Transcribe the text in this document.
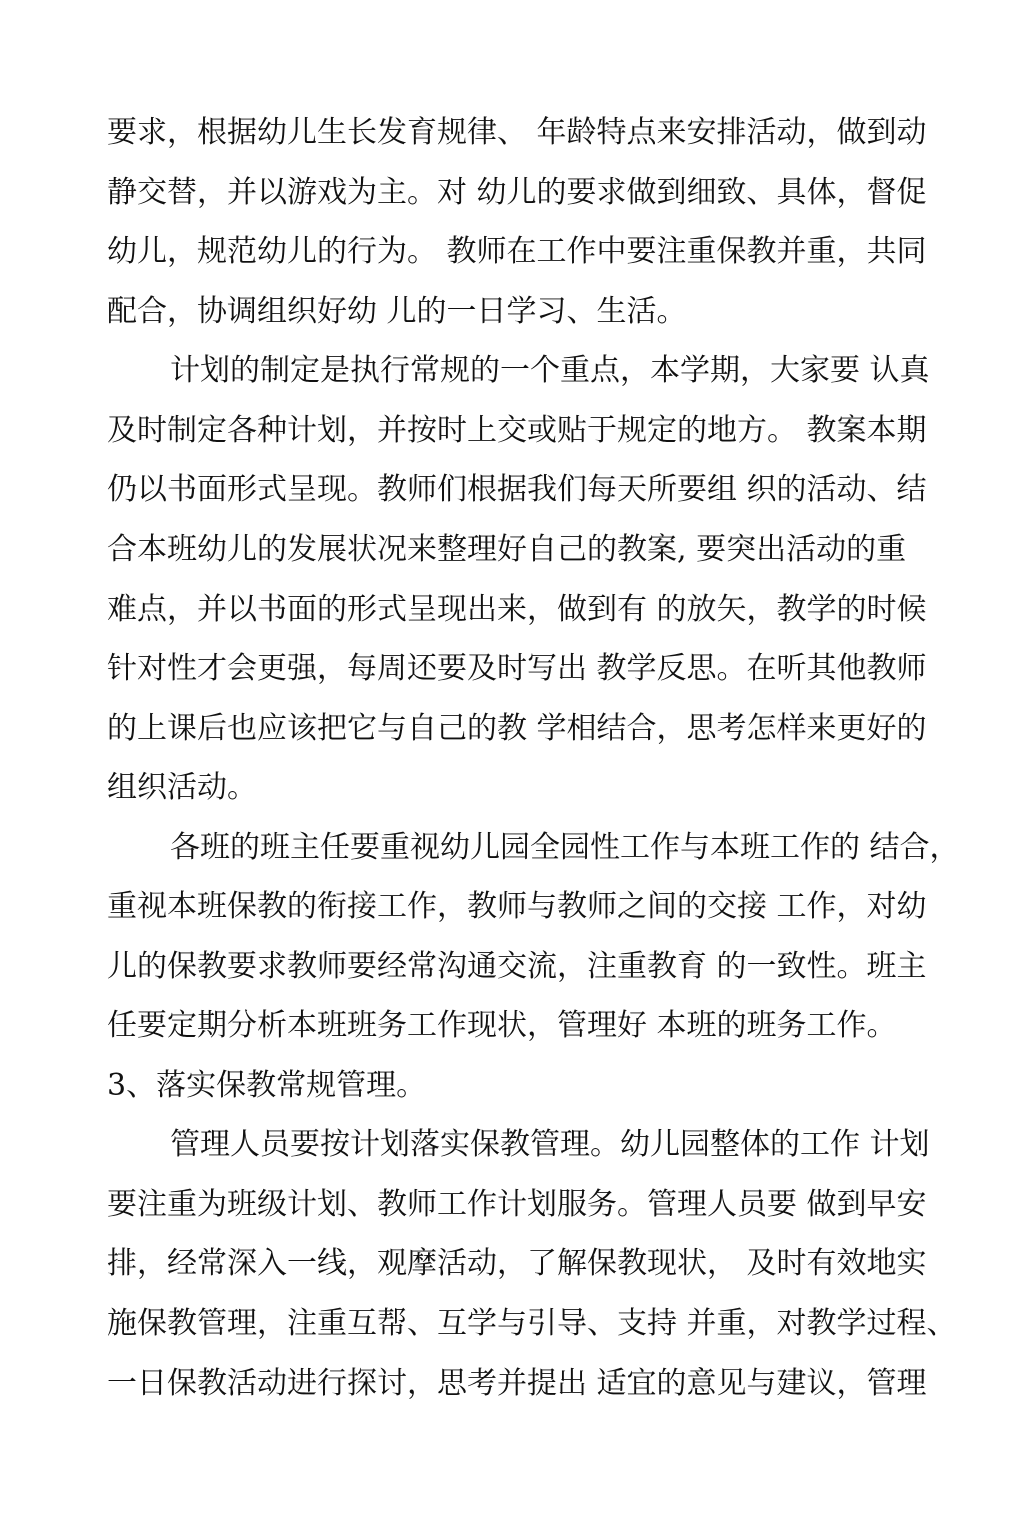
要求，根据幼儿生长发育规律、 年龄特点来安排活动，做到动
静交替，并以游戏为主。对 幼儿的要求做到细致、具体，督促
幼儿，规范幼儿的行为。 教师在工作中要注重保教并重，共同
配合，协调组织好幼 儿的一日学习、生活。
计划的制定是执行常规的一个重点，本学期，大家要 认真
及时制定各种计划，并按时上交或贴于规定的地方。 教案本期
仍以书面形式呈现。教师们根据我们每天所要组 织的活动、结
合本班幼儿的发展状况来整理好自己的教案, 要突出活动的重
难点，并以书面的形式呈现出来，做到有 的放矢，教学的时候
针对性才会更强，每周还要及时写出 教学反思。在听其他教师
的上课后也应该把它与自己的教 学相结合，思考怎样来更好的
组织活动。
各班的班主任要重视幼儿园全园性工作与本班工作的 结合，
重视本班保教的衔接工作，教师与教师之间的交接 工作，对幼
儿的保教要求教师要经常沟通交流，注重教育 的一致性。班主
任要定期分析本班班务工作现状，管理好 本班的班务工作。
3、落实保教常规管理。
管理人员要按计划落实保教管理。幼儿园整体的工作 计划
要注重为班级计划、教师工作计划服务。管理人员要 做到早安
排，经常深入一线，观摩活动，了解保教现状， 及时有效地实
施保教管理，注重互帮、互学与引导、支持 并重，对教学过程、
一日保教活动进行探讨，思考并提出 适宜的意见与建议，管理
